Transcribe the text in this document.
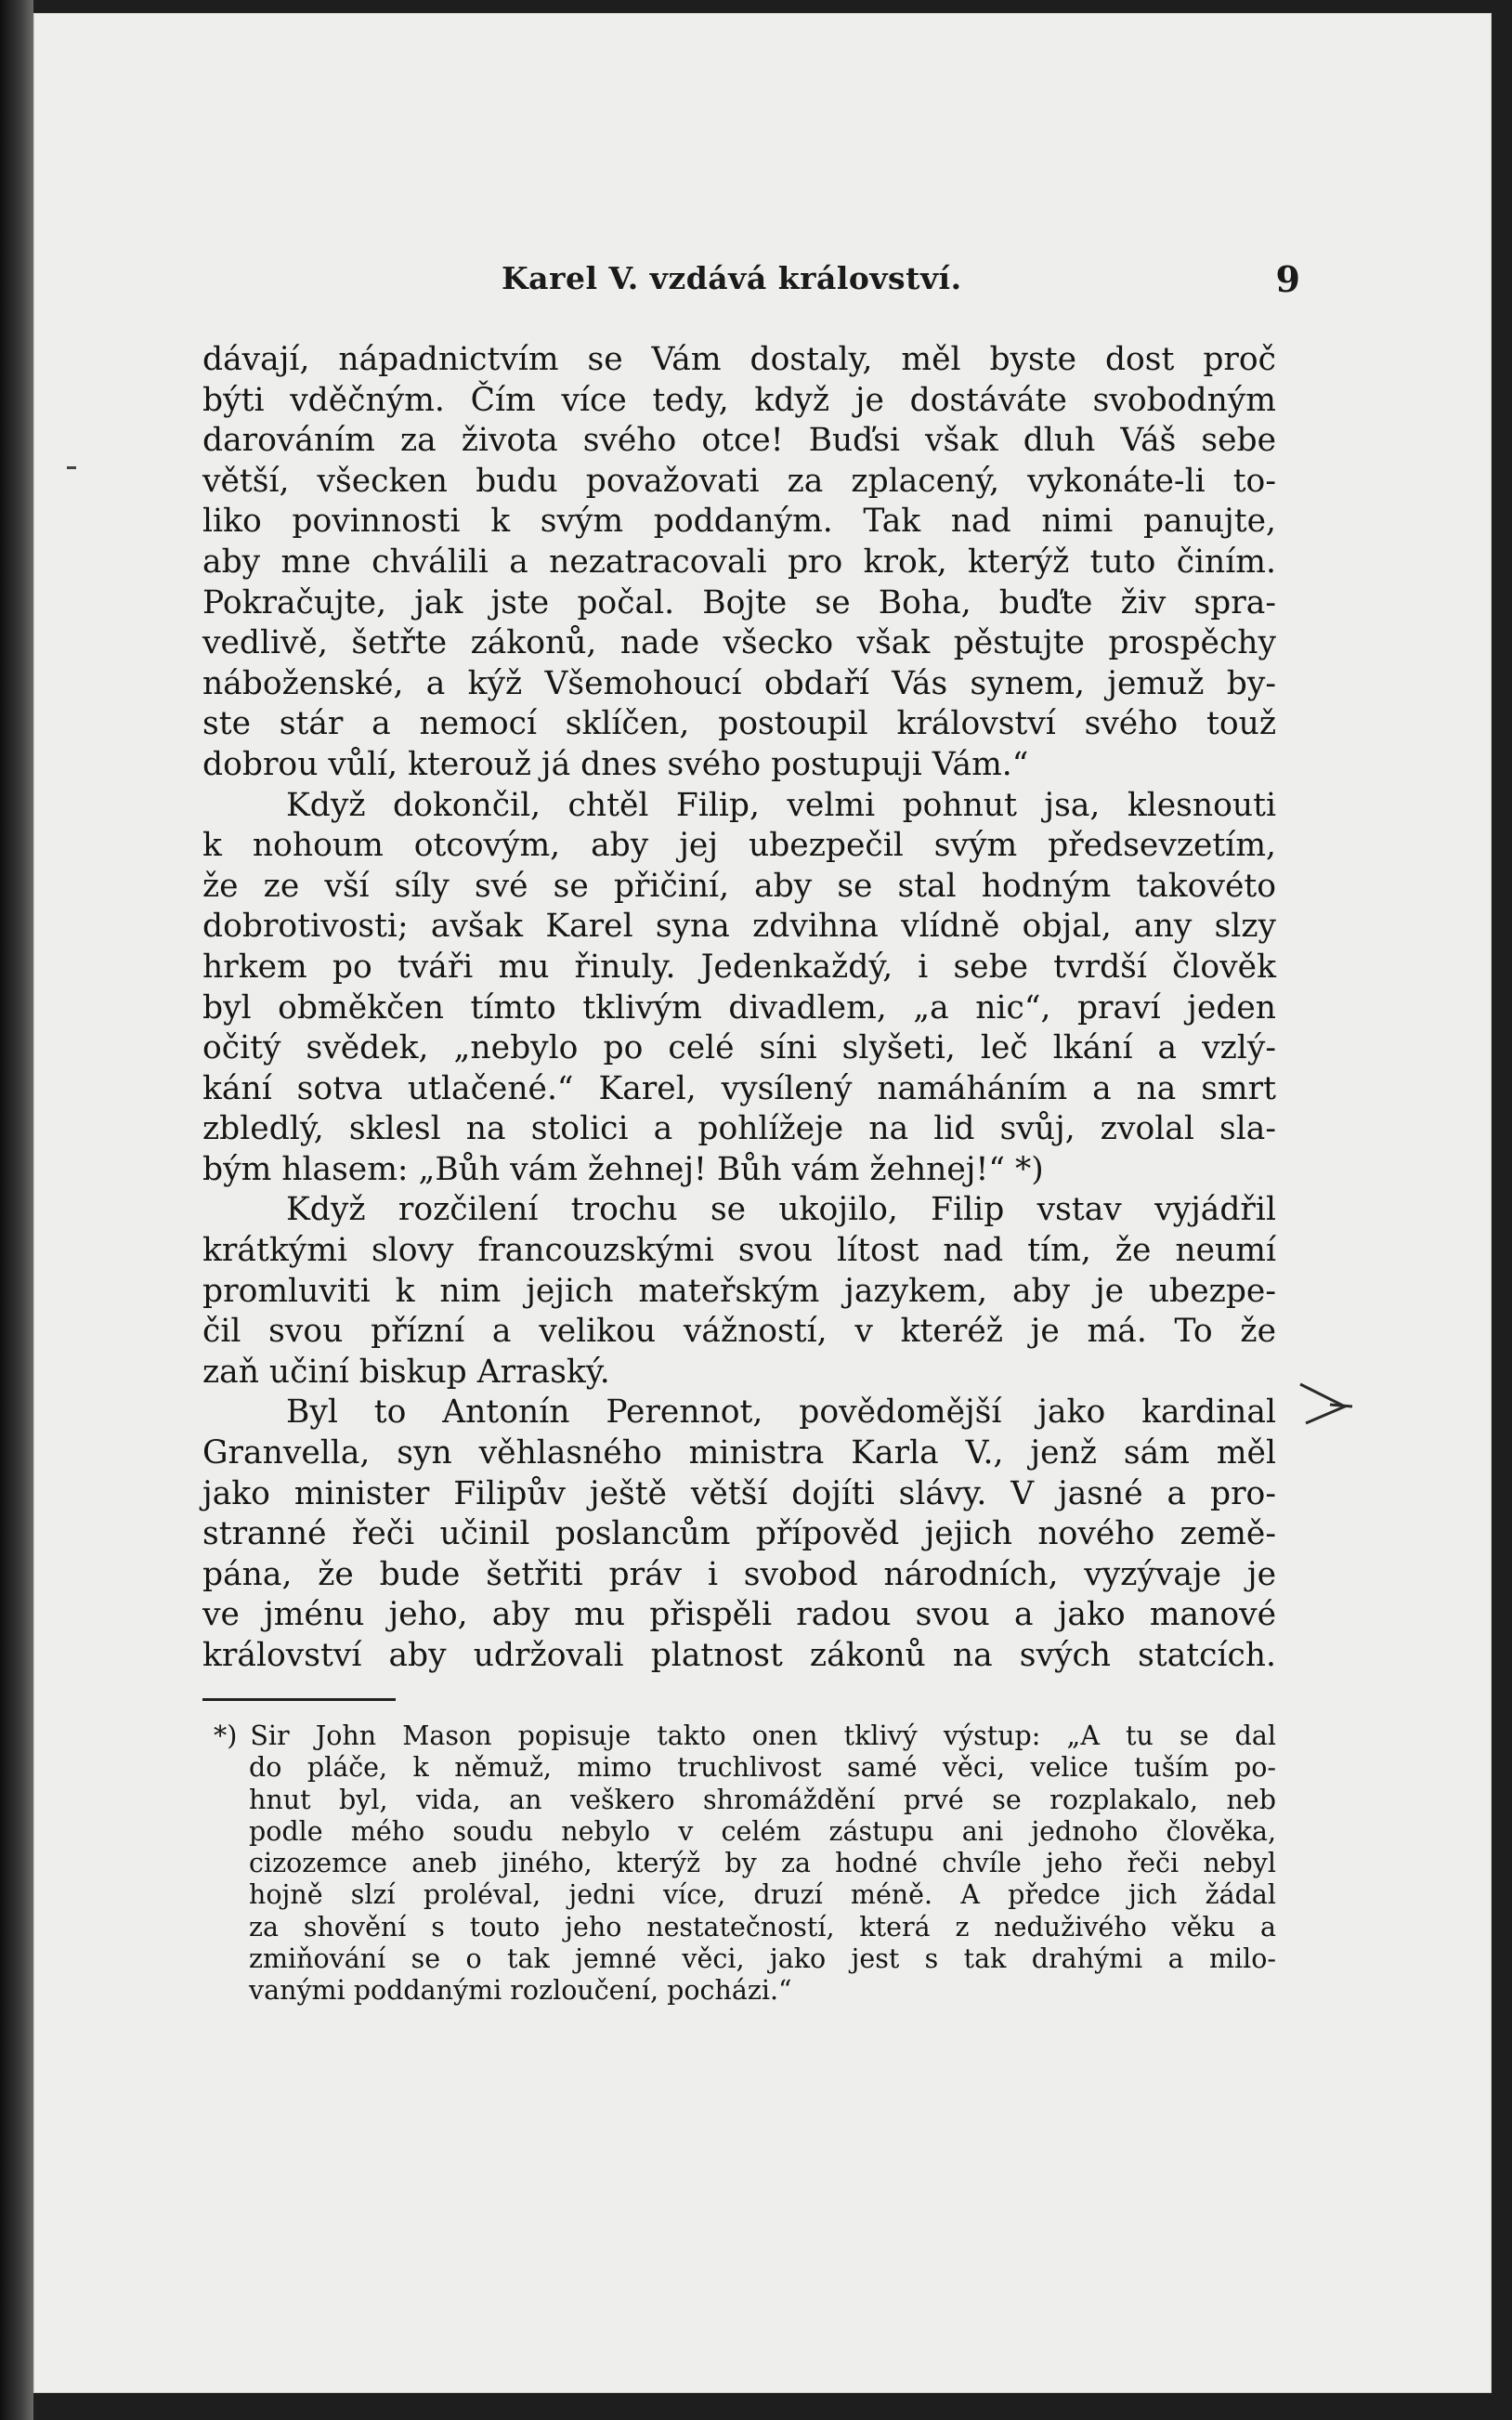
Karel V. vzdává království.	9
dávají, nápadnictvím se Vám dostaly, měl byste dost proč
býti vděčným. Čím více tedy, když je dostáváte svobodným
darováním za života svého otce! Buďsi však dluh Váš sebe
větší, všecken budu považovati za zplacený, vykonáte-li to-
liko povinnosti k svým poddaným. Tak nad nimi panujte,
aby mne chválili a nezatracovali pro krok, kterýž tuto činím.
Pokračujte, jak jste počal. Bojte se Boha, buďte živ spra-
vedlivě, šetřte zákonů, nade všecko však pěstujte prospěchy
náboženské, a kýž Všemohoucí obdaří Vás synem, jemuž by-
ste stár a nemocí sklíčen, postoupil království svého touž
dobrou vůlí, kterouž já dnes svého postupuji Vám.“
Když dokončil, chtěl Filip, velmi pohnut jsa, klesnouti
k nohoum otcovým, aby jej ubezpečil svým předsevzetím,
že ze vší síly své se přičiní, aby se stal hodným takovéto
dobrotivosti; avšak Karel syna zdvihna vlídně objal, any slzy
hrkem po tváři mu řinuly. Jedenkaždý, i sebe tvrdší člověk
byl obměkčen tímto tklivým divadlem, „a nic“, praví jeden
očitý svědek, „nebylo po celé síni slyšeti, leč lkání a vzlý-
kání sotva utlačené.“ Karel, vysílený namáháním a na smrt
zbledlý, sklesl na stolici a pohlížeje na lid svůj, zvolal sla-
bým hlasem: „Bůh vám žehnej! Bůh vám žehnej!“ *)
Když rozčilení trochu se ukojilo, Filip vstav vyjádřil
krátkými slovy francouzskými svou lítost nad tím, že neumí
promluviti k nim jejich mateřským jazykem, aby je ubezpe-
čil svou přízní a velikou vážností, v kteréž je má. To že
zaň učiní biskup Arraský.
Byl to Antonín Perennot, povědomější jako kardinal
Granvella, syn věhlasného ministra Karla V., jenž sám měl
jako minister Filipův ještě větší dojíti slávy. V jasné a pro-
stranné řeči učinil poslancům přípověd jejich nového země-
pána, že bude šetřiti práv i svobod národních, vyzývaje je
ve jménu jeho, aby mu přispěli radou svou a jako manové
království aby udržovali platnost zákonů na svých statcích.
*) Sir John Mason popisuje takto onen tklivý výstup: „A tu se dal
do pláče, k němuž, mimo truchlivost samé věci, velice tuším po-
hnut byl, vida, an veškero shromáždění prvé se rozplakalo, neb
podle mého soudu nebylo v celém zástupu ani jednoho člověka,
cizozemce aneb jiného, kterýž by za hodné chvíle jeho řeči nebyl
hojně slzí proléval, jedni více, druzí méně. A předce jich žádal
za shovění s touto jeho nestatečností, která z neduživého věku a
zmiňování se o tak jemné věci, jako jest s tak drahými a milo-
vanými poddanými rozloučení, pocházi.“
